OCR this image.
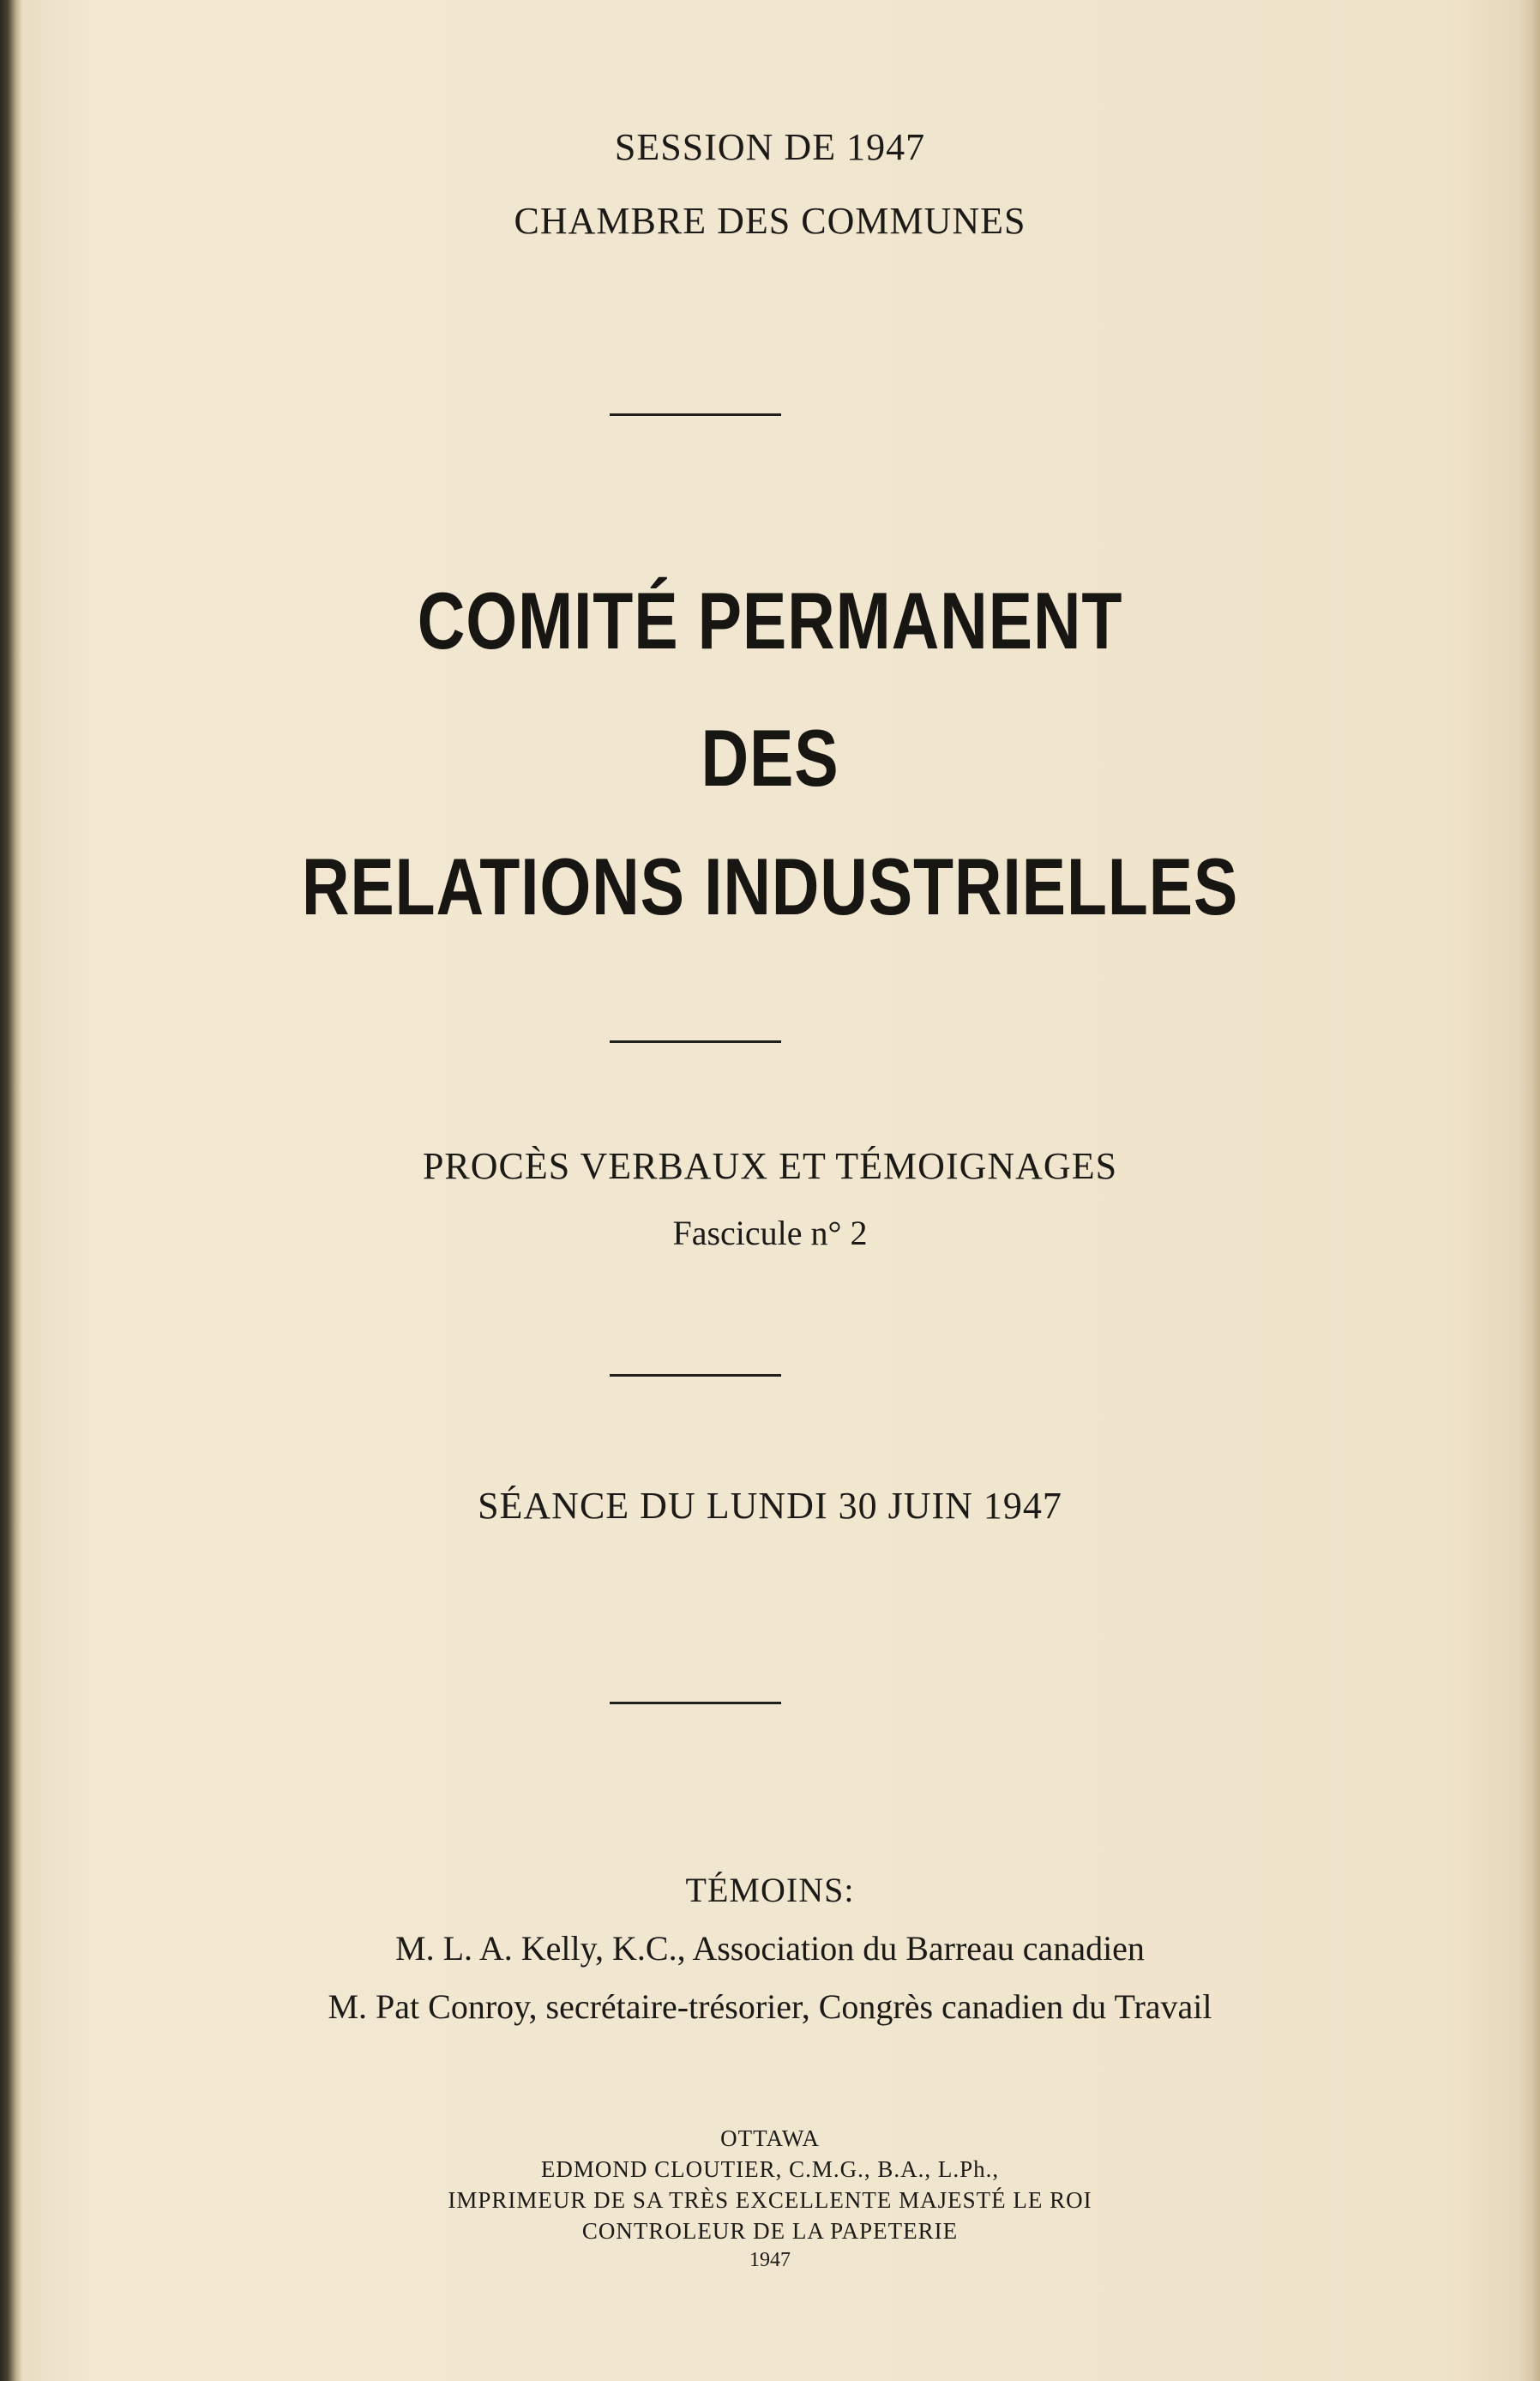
SESSION DE 1947
CHAMBRE DES COMMUNES
COMITÉ PERMANENT
DES
RELATIONS INDUSTRIELLES
PROCÈS VERBAUX ET TÉMOIGNAGES
Fascicule n° 2
SÉANCE DU LUNDI 30 JUIN 1947
TÉMOINS:
M. L. A. Kelly, K.C., Association du Barreau canadien
M. Pat Conroy, secrétaire-trésorier, Congrès canadien du Travail
OTTAWA
EDMOND CLOUTIER, C.M.G., B.A., L.Ph.,
IMPRIMEUR DE SA TRÈS EXCELLENTE MAJESTÉ LE ROI
CONTROLEUR DE LA PAPETERIE
1947
